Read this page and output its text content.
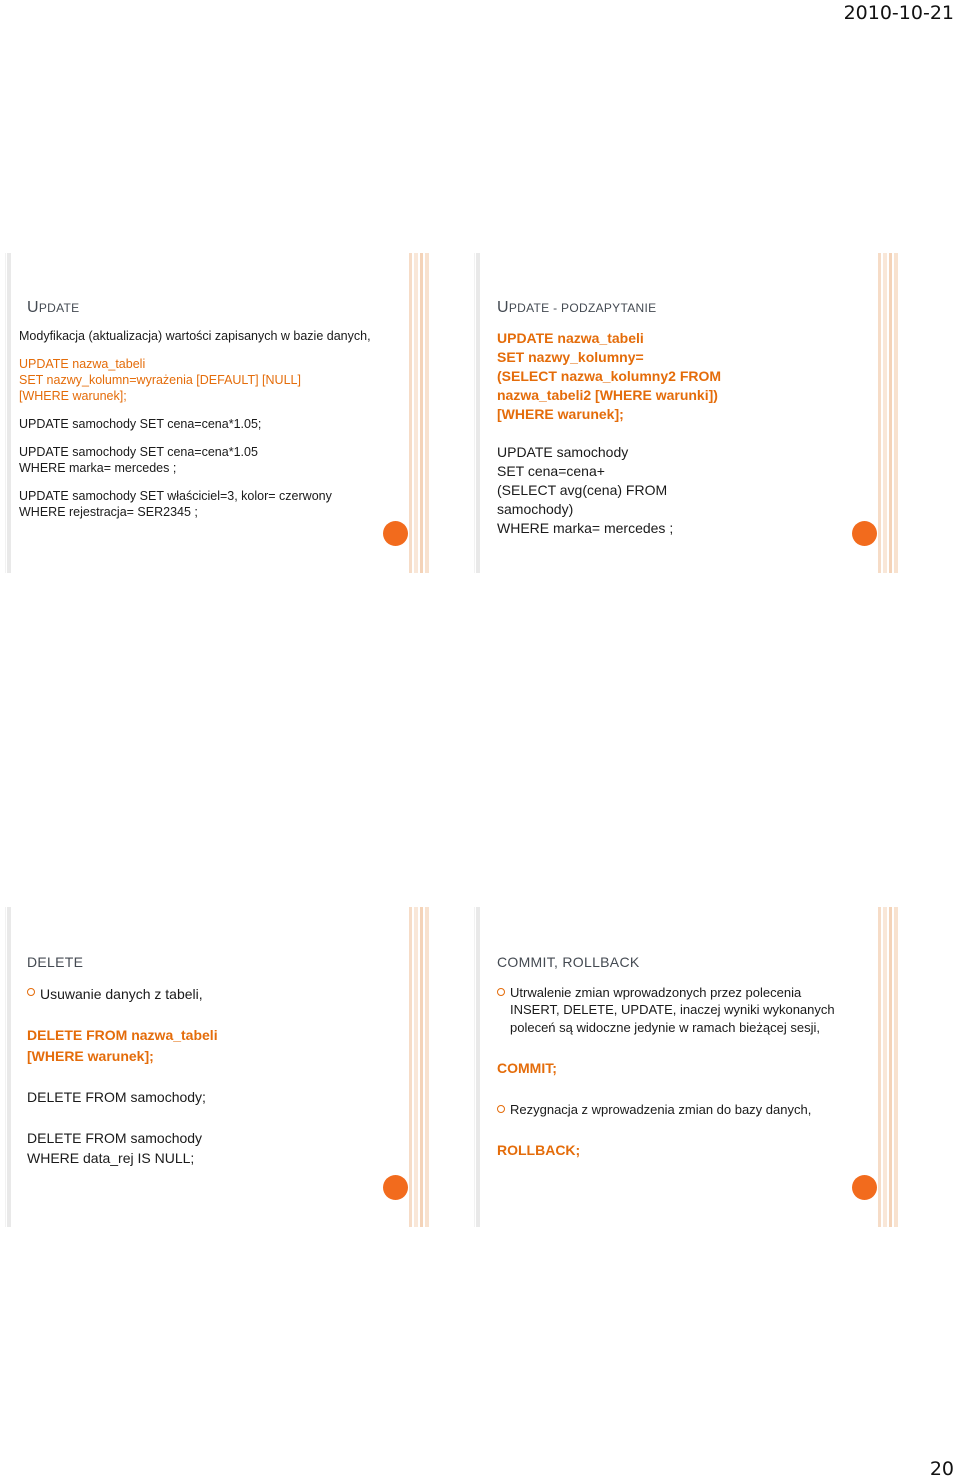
2010-10-21
UPDATE
Modyfikacja (aktualizacja) wartości zapisanych w bazie danych,
UPDATE nazwa_tabeli
SET nazwy_kolumn=wyrażenia [DEFAULT] [NULL]
[WHERE warunek];
UPDATE samochody SET cena=cena*1.05;
UPDATE samochody SET cena=cena*1.05
WHERE marka= mercedes ;
UPDATE samochody SET właściciel=3, kolor= czerwony
WHERE rejestracja= SER2345 ;
UPDATE - PODZAPYTANIE
UPDATE nazwa_tabeli
SET nazwy_kolumny=
(SELECT nazwa_kolumny2 FROM
nazwa_tabeli2 [WHERE warunki])
[WHERE warunek];
UPDATE samochody
SET cena=cena+
(SELECT avg(cena) FROM
samochody)
WHERE marka= mercedes ;
DELETE
Usuwanie danych z tabeli,
DELETE FROM nazwa_tabeli
[WHERE warunek];
DELETE FROM samochody;
DELETE FROM samochody
WHERE data_rej IS NULL;
COMMIT, ROLLBACK
Utrwalenie zmian wprowadzonych przez polecenia INSERT, DELETE, UPDATE, inaczej wyniki wykonanych poleceń są widoczne jedynie w ramach bieżącej sesji,
COMMIT;
Rezygnacja z wprowadzenia zmian do bazy danych,
ROLLBACK;
20
